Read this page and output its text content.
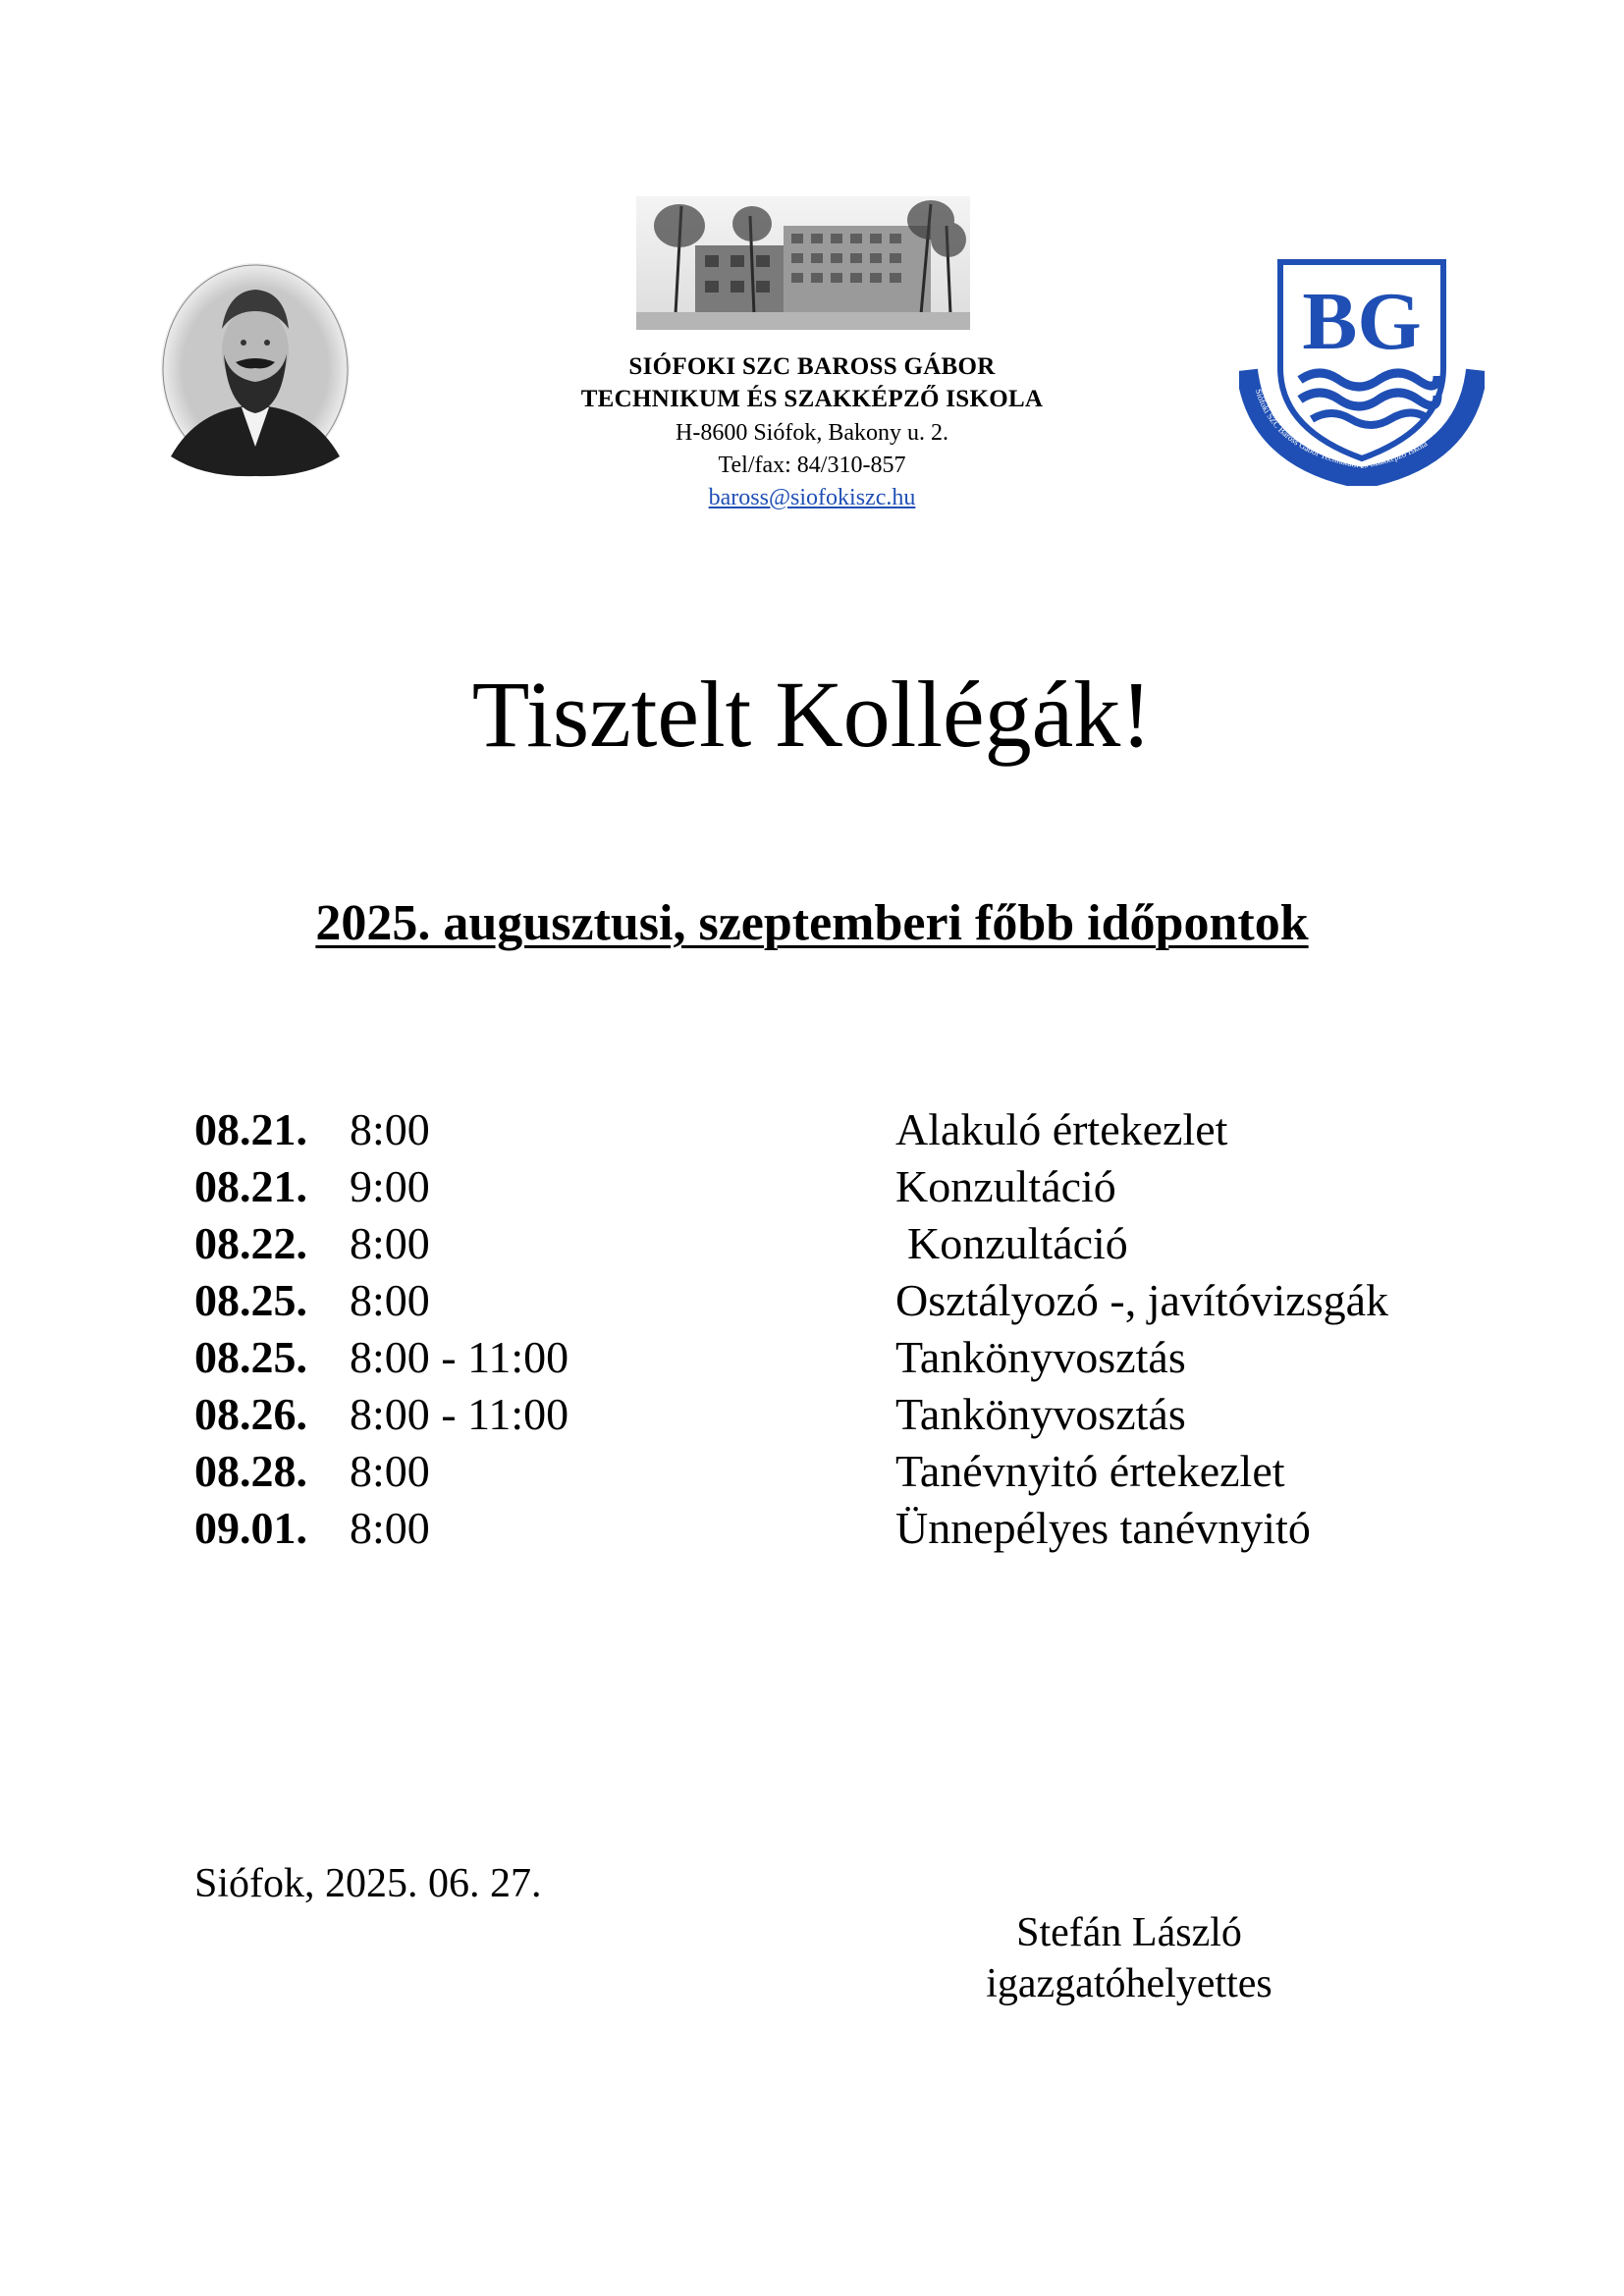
BG
Siófoki SZC Baross Gábor Technikum és Szakképző Iskola
SIÓFOKI SZC BAROSS GÁBOR
TECHNIKUM ÉS SZAKKÉPZŐ ISKOLA
H-8600 Siófok, Bakony u. 2.
Tel/fax: 84/310-857
baross@siofokiszc.hu
Tisztelt Kollégák!
2025. augusztusi, szeptemberi főbb időpontok
08.21. 8:00	Alakuló értekezlet
08.21. 9:00	Konzultáció
08.22. 8:00	Konzultáció
08.25. 8:00	Osztályozó -, javítóvizsgák
08.25. 8:00 - 11:00	Tankönyvosztás
08.26. 8:00 - 11:00	Tankönyvosztás
08.28. 8:00	Tanévnyitó értekezlet
09.01. 8:00	Ünnepélyes tanévnyitó
Siófok, 2025. 06. 27.
Stefán László
igazgatóhelyettes
